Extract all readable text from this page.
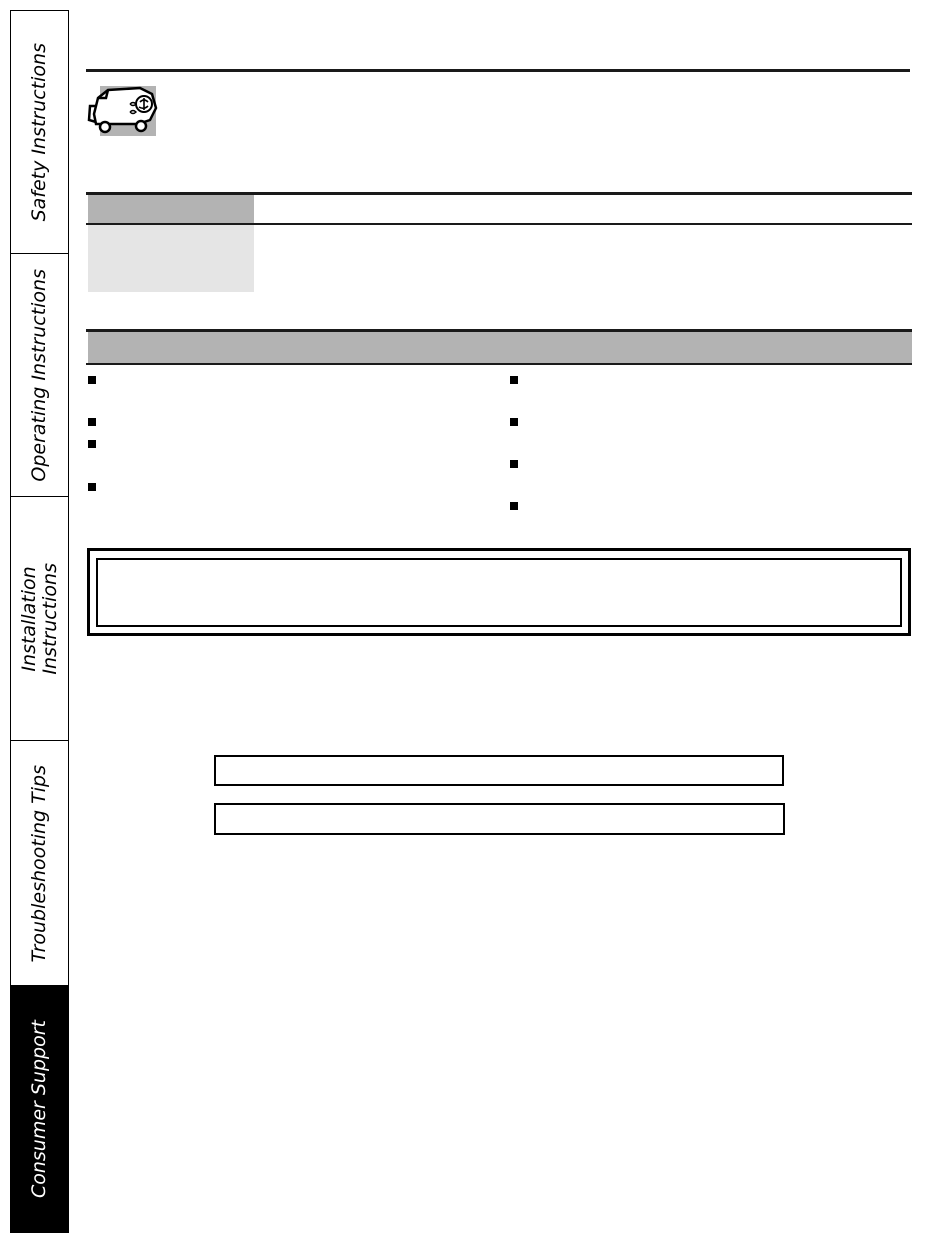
Safety Instructions
Operating Instructions
Installation Instructions
Troubleshooting Tips
Consumer Support
